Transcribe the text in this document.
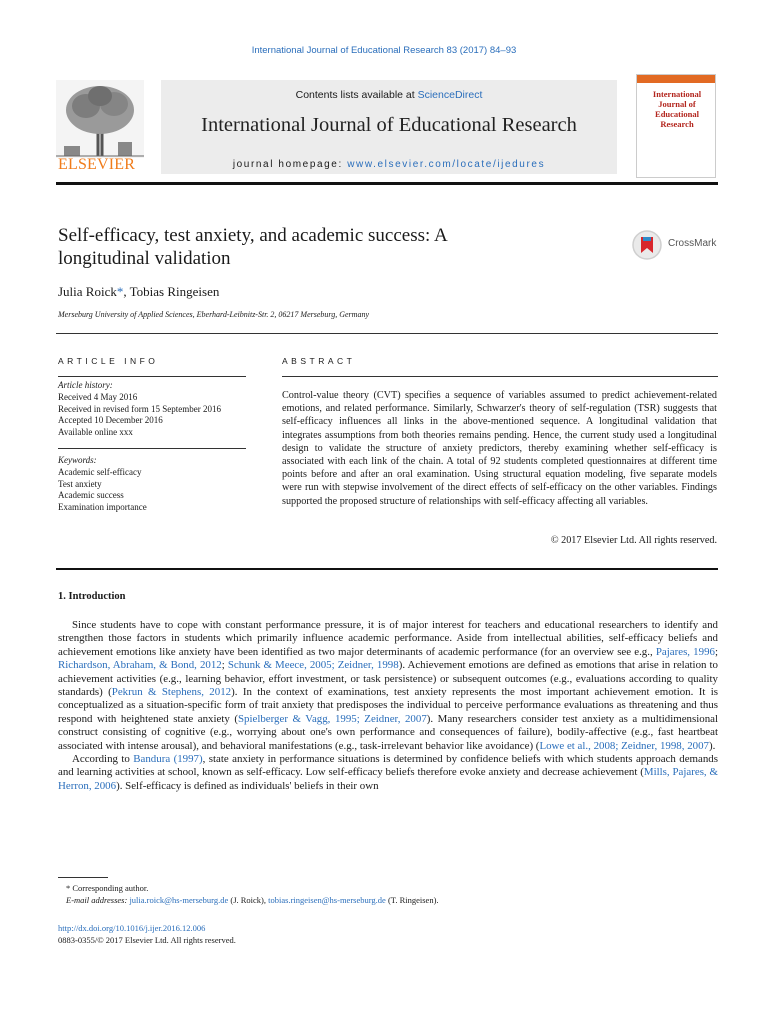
International Journal of Educational Research 83 (2017) 84–93
ELSEVIER
Contents lists available at ScienceDirect
International Journal of Educational Research
journal homepage: www.elsevier.com/locate/ijedures
International Journal of Educational Research
Self-efficacy, test anxiety, and academic success: A
longitudinal validation
CrossMark
Julia Roick*, Tobias Ringeisen
Merseburg University of Applied Sciences, Eberhard-Leibnitz-Str. 2, 06217 Merseburg, Germany
ARTICLE INFO	ABSTRACT
Article history:
Received 4 May 2016
Received in revised form 15 September 2016
Accepted 10 December 2016
Available online xxx
Keywords:
Academic self-efficacy
Test anxiety
Academic success
Examination importance
Control-value theory (CVT) specifies a sequence of variables assumed to predict achievement-related emotions, and related performance. Similarly, Schwarzer's theory of self-regulation (TSR) suggests that self-efficacy influences all links in the above-mentioned sequence. A longitudinal validation that integrates assumptions from both theories remains pending. Hence, the current study used a longitudinal design to validate the structure of anxiety predictors, thereby examining whether self-efficacy is associated with each link of the chain. A total of 92 students completed questionnaires at different time points before and after an oral examination. Using structural equation modeling, five separate models were run with stepwise involvement of the direct effects of self-efficacy on the other variables. Findings supported the proposed structure of relationships with self-efficacy affecting all variables.
© 2017 Elsevier Ltd. All rights reserved.
1. Introduction

Since students have to cope with constant performance pressure, it is of major interest for teachers and educational researchers to identify and strengthen those factors in students which primarily influence academic performance. Aside from intellectual abilities, self-efficacy beliefs and achievement emotions like anxiety have been identified as two major determinants of academic performance (for an overview see e.g., Pajares, 1996; Richardson, Abraham, & Bond, 2012; Schunk & Meece, 2005; Zeidner, 1998). Achievement emotions are defined as emotions that arise in relation to achievement activities (e.g., learning behavior, effort investment, or task persistence) or subsequent outcomes (e.g., evaluations according to quality standards) (Pekrun & Stephens, 2012). In the context of examinations, test anxiety represents the most important achievement emotion. It is conceptualized as a situation-specific form of trait anxiety that predisposes the individual to perceive performance evaluations as threatening and thus respond with heightened state anxiety (Spielberger & Vagg, 1995; Zeidner, 2007). Many researchers consider test anxiety as a multidimensional construct consisting of cognitive (e.g., worrying about one's own performance and consequences of failure), bodily-affective (e.g., fast heartbeat associated with intense arousal), and behavioral manifestations (e.g., task-irrelevant behavior like avoidance) (Lowe et al., 2008; Zeidner, 1998, 2007).

According to Bandura (1997), state anxiety in performance situations is determined by confidence beliefs with which students approach demands and learning activities at school, known as self-efficacy. Low self-efficacy beliefs therefore evoke anxiety and decrease achievement (Mills, Pajares, & Herron, 2006). Self-efficacy is defined as individuals' beliefs in their own

* Corresponding author.
E-mail addresses: julia.roick@hs-merseburg.de (J. Roick), tobias.ringeisen@hs-merseburg.de (T. Ringeisen).
http://dx.doi.org/10.1016/j.ijer.2016.12.006
0883-0355/© 2017 Elsevier Ltd. All rights reserved.
